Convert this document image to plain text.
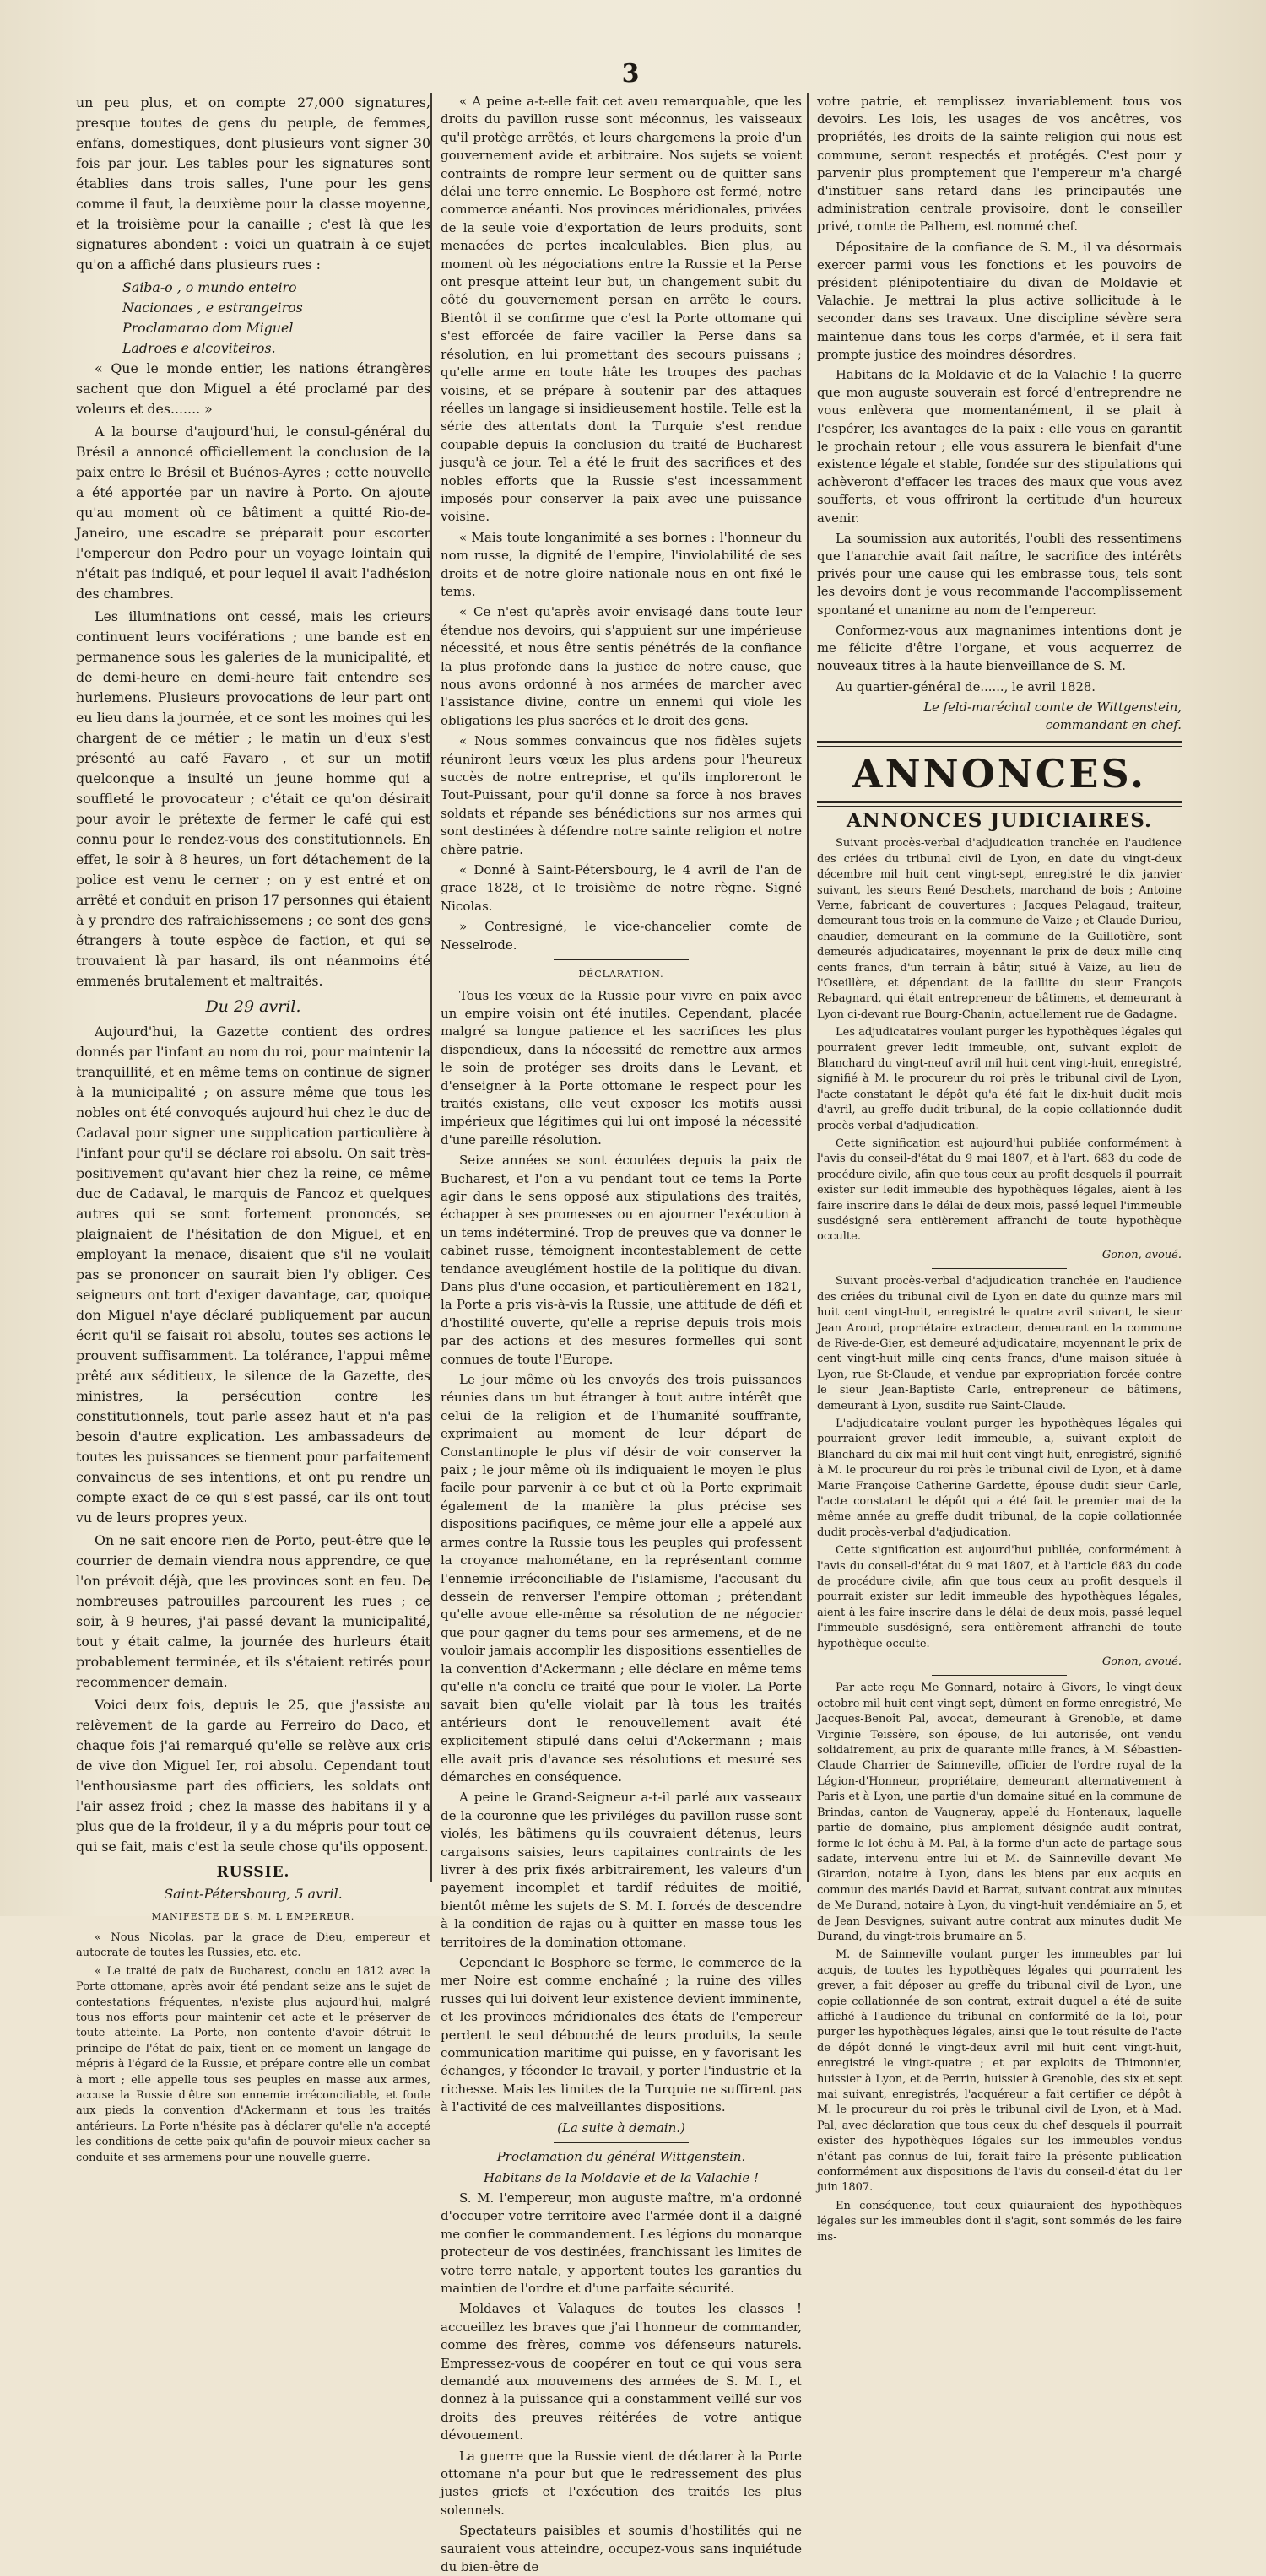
3

un peu plus, et on compte 27,000 signatures, presque toutes de gens du peuple, de femmes, enfans, domestiques, dont plusieurs vont signer 30 fois par jour. Les tables pour les signatures sont établies dans trois salles, l'une pour les gens comme il faut, la deuxième pour la classe moyenne, et la troisième pour la canaille ; c'est là que les signatures abondent : voici un quatrain à ce sujet qu'on a affiché dans plusieurs rues :

Saiba-o , o mundo enteiro

Nacionaes , e estrangeiros

Proclamarao dom Miguel

Ladroes e alcoviteiros.

« Que le monde entier, les nations étrangères sachent que don Miguel a été proclamé par des voleurs et des....... »

A la bourse d'aujourd'hui, le consul-général du Brésil a annoncé officiellement la conclusion de la paix entre le Brésil et Buénos-Ayres ; cette nouvelle a été apportée par un navire à Porto. On ajoute qu'au moment où ce bâtiment a quitté Rio-de-Janeiro, une escadre se préparait pour escorter l'empereur don Pedro pour un voyage lointain qui n'était pas indiqué, et pour lequel il avait l'adhésion des chambres.

Les illuminations ont cessé, mais les crieurs continuent leurs vociférations ; une bande est en permanence sous les galeries de la municipalité, et de demi-heure en demi-heure fait entendre ses hurlemens. Plusieurs provocations de leur part ont eu lieu dans la journée, et ce sont les moines qui les chargent de ce métier ; le matin un d'eux s'est présenté au café Favaro , et sur un motif quelconque a insulté un jeune homme qui a souffleté le provocateur ; c'était ce qu'on désirait pour avoir le prétexte de fermer le café qui est connu pour le rendez-vous des constitutionnels. En effet, le soir à 8 heures, un fort détachement de la police est venu le cerner ; on y est entré et on arrêté et conduit en prison 17 personnes qui étaient à y prendre des rafraichissemens ; ce sont des gens étrangers à toute espèce de faction, et qui se trouvaient là par hasard, ils ont néanmoins été emmenés brutalement et maltraités.

Du 29 avril.

Aujourd'hui, la Gazette contient des ordres donnés par l'infant au nom du roi, pour maintenir la tranquillité, et en même tems on continue de signer à la municipalité ; on assure même que tous les nobles ont été convoqués aujourd'hui chez le duc de Cadaval pour signer une supplication particulière à l'infant pour qu'il se déclare roi absolu. On sait très-positivement qu'avant hier chez la reine, ce même duc de Cadaval, le marquis de Fancoz et quelques autres qui se sont fortement prononcés, se plaignaient de l'hésitation de don Miguel, et en employant la menace, disaient que s'il ne voulait pas se prononcer on saurait bien l'y obliger. Ces seigneurs ont tort d'exiger davantage, car, quoique don Miguel n'aye déclaré publiquement par aucun écrit qu'il se faisait roi absolu, toutes ses actions le prouvent suffisamment. La tolérance, l'appui même prêté aux séditieux, le silence de la Gazette, des ministres, la persécution contre les constitutionnels, tout parle assez haut et n'a pas besoin d'autre explication. Les ambassadeurs de toutes les puissances se tiennent pour parfaitement convaincus de ses intentions, et ont pu rendre un compte exact de ce qui s'est passé, car ils ont tout vu de leurs propres yeux.

On ne sait encore rien de Porto, peut-être que le courrier de demain viendra nous apprendre, ce que l'on prévoit déjà, que les provinces sont en feu. De nombreuses patrouilles parcourent les rues ; ce soir, à 9 heures, j'ai passé devant la municipalité, tout y était calme, la journée des hurleurs était probablement terminée, et ils s'étaient retirés pour recommencer demain.

Voici deux fois, depuis le 25, que j'assiste au relèvement de la garde au Ferreiro do Daco, et chaque fois j'ai remarqué qu'elle se relève aux cris de vive don Miguel Ier, roi absolu. Cependant tout l'enthousiasme part des officiers, les soldats ont l'air assez froid ; chez la masse des habitans il y a plus que de la froideur, il y a du mépris pour tout ce qui se fait, mais c'est la seule chose qu'ils opposent.

RUSSIE.

Saint-Pétersbourg, 5 avril.

MANIFESTE DE S. M. L'EMPEREUR.

« Nous Nicolas, par la grace de Dieu, empereur et autocrate de toutes les Russies, etc. etc.

« Le traité de paix de Bucharest, conclu en 1812 avec la Porte ottomane, après avoir été pendant seize ans le sujet de contestations fréquentes, n'existe plus aujourd'hui, malgré tous nos efforts pour maintenir cet acte et le préserver de toute atteinte. La Porte, non contente d'avoir détruit le principe de l'état de paix, tient en ce moment un langage de mépris à l'égard de la Russie, et prépare contre elle un combat à mort ; elle appelle tous ses peuples en masse aux armes, accuse la Russie d'être son ennemie irréconciliable, et foule aux pieds la convention d'Ackermann et tous les traités antérieurs. La Porte n'hésite pas à déclarer qu'elle n'a accepté les conditions de cette paix qu'afin de pouvoir mieux cacher sa conduite et ses armemens pour une nouvelle guerre.

« A peine a-t-elle fait cet aveu remarquable, que les droits du pavillon russe sont méconnus, les vaisseaux qu'il protège arrêtés, et leurs chargemens la proie d'un gouvernement avide et arbitraire. Nos sujets se voient contraints de rompre leur serment ou de quitter sans délai une terre ennemie. Le Bosphore est fermé, notre commerce anéanti. Nos provinces méridionales, privées de la seule voie d'exportation de leurs produits, sont menacées de pertes incalculables. Bien plus, au moment où les négociations entre la Russie et la Perse ont presque atteint leur but, un changement subit du côté du gouvernement persan en arrête le cours. Bientôt il se confirme que c'est la Porte ottomane qui s'est efforcée de faire vaciller la Perse dans sa résolution, en lui promettant des secours puissans ; qu'elle arme en toute hâte les troupes des pachas voisins, et se prépare à soutenir par des attaques réelles un langage si insidieusement hostile. Telle est la série des attentats dont la Turquie s'est rendue coupable depuis la conclusion du traité de Bucharest jusqu'à ce jour. Tel a été le fruit des sacrifices et des nobles efforts que la Russie s'est incessamment imposés pour conserver la paix avec une puissance voisine.

« Mais toute longanimité a ses bornes : l'honneur du nom russe, la dignité de l'empire, l'inviolabilité de ses droits et de notre gloire nationale nous en ont fixé le tems.

« Ce n'est qu'après avoir envisagé dans toute leur étendue nos devoirs, qui s'appuient sur une impérieuse nécessité, et nous être sentis pénétrés de la confiance la plus profonde dans la justice de notre cause, que nous avons ordonné à nos armées de marcher avec l'assistance divine, contre un ennemi qui viole les obligations les plus sacrées et le droit des gens.

« Nous sommes convaincus que nos fidèles sujets réuniront leurs vœux les plus ardens pour l'heureux succès de notre entreprise, et qu'ils imploreront le Tout-Puissant, pour qu'il donne sa force à nos braves soldats et répande ses bénédictions sur nos armes qui sont destinées à défendre notre sainte religion et notre chère patrie.

« Donné à Saint-Pétersbourg, le 4 avril de l'an de grace 1828, et le troisième de notre règne. Signé Nicolas.

» Contresigné, le vice-chancelier comte de Nesselrode.

DÉCLARATION.

Tous les vœux de la Russie pour vivre en paix avec un empire voisin ont été inutiles. Cependant, placée malgré sa longue patience et les sacrifices les plus dispendieux, dans la nécessité de remettre aux armes le soin de protéger ses droits dans le Levant, et d'enseigner à la Porte ottomane le respect pour les traités existans, elle veut exposer les motifs aussi impérieux que légitimes qui lui ont imposé la nécessité d'une pareille résolution.

Seize années se sont écoulées depuis la paix de Bucharest, et l'on a vu pendant tout ce tems la Porte agir dans le sens opposé aux stipulations des traités, échapper à ses promesses ou en ajourner l'exécution à un tems indéterminé. Trop de preuves que va donner le cabinet russe, témoignent incontestablement de cette tendance aveuglément hostile de la politique du divan. Dans plus d'une occasion, et particulièrement en 1821, la Porte a pris vis-à-vis la Russie, une attitude de défi et d'hostilité ouverte, qu'elle a reprise depuis trois mois par des actions et des mesures formelles qui sont connues de toute l'Europe.

Le jour même où les envoyés des trois puissances réunies dans un but étranger à tout autre intérêt que celui de la religion et de l'humanité souffrante, exprimaient au moment de leur départ de Constantinople le plus vif désir de voir conserver la paix ; le jour même où ils indiquaient le moyen le plus facile pour parvenir à ce but et où la Porte exprimait également de la manière la plus précise ses dispositions pacifiques, ce même jour elle a appelé aux armes contre la Russie tous les peuples qui professent la croyance mahométane, en la représentant comme l'ennemie irréconciliable de l'islamisme, l'accusant du dessein de renverser l'empire ottoman ; prétendant qu'elle avoue elle-même sa résolution de ne négocier que pour gagner du tems pour ses armemens, et de ne vouloir jamais accomplir les dispositions essentielles de la convention d'Ackermann ; elle déclare en même tems qu'elle n'a conclu ce traité que pour le violer. La Porte savait bien qu'elle violait par là tous les traités antérieurs dont le renouvellement avait été explicitement stipulé dans celui d'Ackermann ; mais elle avait pris d'avance ses résolutions et mesuré ses démarches en conséquence.

A peine le Grand-Seigneur a-t-il parlé aux vasseaux de la couronne que les priviléges du pavillon russe sont violés, les bâtimens qu'ils couvraient détenus, leurs cargaisons saisies, leurs capitaines contraints de les livrer à des prix fixés arbitrairement, les valeurs d'un payement incomplet et tardif réduites de moitié, bientôt même les sujets de S. M. I. forcés de descendre à la condition de rajas ou à quitter en masse tous les territoires de la domination ottomane.

Cependant le Bosphore se ferme, le commerce de la mer Noire est comme enchaîné ; la ruine des villes russes qui lui doivent leur existence devient imminente, et les provinces méridionales des états de l'empereur perdent le seul débouché de leurs produits, la seule communication maritime qui puisse, en y favorisant les échanges, y féconder le travail, y porter l'industrie et la richesse. Mais les limites de la Turquie ne suffirent pas à l'activité de ces malveillantes dispositions.

(La suite à demain.)

Proclamation du général Wittgenstein.

Habitans de la Moldavie et de la Valachie !

S. M. l'empereur, mon auguste maître, m'a ordonné d'occuper votre territoire avec l'armée dont il a daigné me confier le commandement. Les légions du monarque protecteur de vos destinées, franchissant les limites de votre terre natale, y apportent toutes les garanties du maintien de l'ordre et d'une parfaite sécurité.

Moldaves et Valaques de toutes les classes ! accueillez les braves que j'ai l'honneur de commander, comme des frères, comme vos défenseurs naturels. Empressez-vous de coopérer en tout ce qui vous sera demandé aux mouvemens des armées de S. M. I., et donnez à la puissance qui a constamment veillé sur vos droits des preuves réitérées de votre antique dévouement.

La guerre que la Russie vient de déclarer à la Porte ottomane n'a pour but que le redressement des plus justes griefs et l'exécution des traités les plus solennels.

Spectateurs paisibles et soumis d'hostilités qui ne sauraient vous atteindre, occupez-vous sans inquiétude du bien-être de

votre patrie, et remplissez invariablement tous vos devoirs. Les lois, les usages de vos ancêtres, vos propriétés, les droits de la sainte religion qui nous est commune, seront respectés et protégés. C'est pour y parvenir plus promptement que l'empereur m'a chargé d'instituer sans retard dans les principautés une administration centrale provisoire, dont le conseiller privé, comte de Palhem, est nommé chef.

Dépositaire de la confiance de S. M., il va désormais exercer parmi vous les fonctions et les pouvoirs de président plénipotentiaire du divan de Moldavie et Valachie. Je mettrai la plus active sollicitude à le seconder dans ses travaux. Une discipline sévère sera maintenue dans tous les corps d'armée, et il sera fait prompte justice des moindres désordres.

Habitans de la Moldavie et de la Valachie ! la guerre que mon auguste souverain est forcé d'entreprendre ne vous enlèvera que momentanément, il se plait à l'espérer, les avantages de la paix : elle vous en garantit le prochain retour ; elle vous assurera le bienfait d'une existence légale et stable, fondée sur des stipulations qui achèveront d'effacer les traces des maux que vous avez soufferts, et vous offriront la certitude d'un heureux avenir.

La soumission aux autorités, l'oubli des ressentimens que l'anarchie avait fait naître, le sacrifice des intérêts privés pour une cause qui les embrasse tous, tels sont les devoirs dont je vous recommande l'accomplissement spontané et unanime au nom de l'empereur.

Conformez-vous aux magnanimes intentions dont je me félicite d'être l'organe, et vous acquerrez de nouveaux titres à la haute bienveillance de S. M.

Au quartier-général de......, le avril 1828.

Le feld-maréchal comte de Wittgenstein,

commandant en chef.

ANNONCES.

ANNONCES JUDICIAIRES.

Suivant procès-verbal d'adjudication tranchée en l'audience des criées du tribunal civil de Lyon, en date du vingt-deux décembre mil huit cent vingt-sept, enregistré le dix janvier suivant, les sieurs René Deschets, marchand de bois ; Antoine Verne, fabricant de couvertures ; Jacques Pelagaud, traiteur, demeurant tous trois en la commune de Vaize ; et Claude Durieu, chaudier, demeurant en la commune de la Guillotière, sont demeurés adjudicataires, moyennant le prix de deux mille cinq cents francs, d'un terrain à bâtir, situé à Vaize, au lieu de l'Oseillère, et dépendant de la faillite du sieur François Rebagnard, qui était entrepreneur de bâtimens, et demeurant à Lyon ci-devant rue Bourg-Chanin, actuellement rue de Gadagne.

Les adjudicataires voulant purger les hypothèques légales qui pourraient grever ledit immeuble, ont, suivant exploit de Blanchard du vingt-neuf avril mil huit cent vingt-huit, enregistré, signifié à M. le procureur du roi près le tribunal civil de Lyon, l'acte constatant le dépôt qu'a été fait le dix-huit dudit mois d'avril, au greffe dudit tribunal, de la copie collationnée dudit procès-verbal d'adjudication.

Cette signification est aujourd'hui publiée conformément à l'avis du conseil-d'état du 9 mai 1807, et à l'art. 683 du code de procédure civile, afin que tous ceux au profit desquels il pourrait exister sur ledit immeuble des hypothèques légales, aient à les faire inscrire dans le délai de deux mois, passé lequel l'immeuble susdésigné sera entièrement affranchi de toute hypothèque occulte.

Gonon, avoué.

Suivant procès-verbal d'adjudication tranchée en l'audience des criées du tribunal civil de Lyon en date du quinze mars mil huit cent vingt-huit, enregistré le quatre avril suivant, le sieur Jean Aroud, propriétaire extracteur, demeurant en la commune de Rive-de-Gier, est demeuré adjudicataire, moyennant le prix de cent vingt-huit mille cinq cents francs, d'une maison située à Lyon, rue St-Claude, et vendue par expropriation forcée contre le sieur Jean-Baptiste Carle, entrepreneur de bâtimens, demeurant à Lyon, susdite rue Saint-Claude.

L'adjudicataire voulant purger les hypothèques légales qui pourraient grever ledit immeuble, a, suivant exploit de Blanchard du dix mai mil huit cent vingt-huit, enregistré, signifié à M. le procureur du roi près le tribunal civil de Lyon, et à dame Marie Françoise Catherine Gardette, épouse dudit sieur Carle, l'acte constatant le dépôt qui a été fait le premier mai de la même année au greffe dudit tribunal, de la copie collationnée dudit procès-verbal d'adjudication.

Cette signification est aujourd'hui publiée, conformément à l'avis du conseil-d'état du 9 mai 1807, et à l'article 683 du code de procédure civile, afin que tous ceux au profit desquels il pourrait exister sur ledit immeuble des hypothèques légales, aient à les faire inscrire dans le délai de deux mois, passé lequel l'immeuble susdésigné, sera entièrement affranchi de toute hypothèque occulte.

Gonon, avoué.

Par acte reçu Me Gonnard, notaire à Givors, le vingt-deux octobre mil huit cent vingt-sept, dûment en forme enregistré, Me Jacques-Benoît Pal, avocat, demeurant à Grenoble, et dame Virginie Teissère, son épouse, de lui autorisée, ont vendu solidairement, au prix de quarante mille francs, à M. Sébastien-Claude Charrier de Sainneville, officier de l'ordre royal de la Légion-d'Honneur, propriétaire, demeurant alternativement à Paris et à Lyon, une partie d'un domaine situé en la commune de Brindas, canton de Vaugneray, appelé du Hontenaux, laquelle partie de domaine, plus amplement désignée audit contrat, forme le lot échu à M. Pal, à la forme d'un acte de partage sous sadate, intervenu entre lui et M. de Sainneville devant Me Girardon, notaire à Lyon, dans les biens par eux acquis en commun des mariés David et Barrat, suivant contrat aux minutes de Me Durand, notaire à Lyon, du vingt-huit vendémiaire an 5, et de Jean Desvignes, suivant autre contrat aux minutes dudit Me Durand, du vingt-trois brumaire an 5.

M. de Sainneville voulant purger les immeubles par lui acquis, de toutes les hypothèques légales qui pourraient les grever, a fait déposer au greffe du tribunal civil de Lyon, une copie collationnée de son contrat, extrait duquel a été de suite affiché à l'audience du tribunal en conformité de la loi, pour purger les hypothèques légales, ainsi que le tout résulte de l'acte de dépôt donné le vingt-deux avril mil huit cent vingt-huit, enregistré le vingt-quatre ; et par exploits de Thimonnier, huissier à Lyon, et de Perrin, huissier à Grenoble, des six et sept mai suivant, enregistrés, l'acquéreur a fait certifier ce dépôt à M. le procureur du roi près le tribunal civil de Lyon, et à Mad. Pal, avec déclaration que tous ceux du chef desquels il pourrait exister des hypothèques légales sur les immeubles vendus n'étant pas connus de lui, ferait faire la présente publication conformément aux dispositions de l'avis du conseil-d'état du 1er juin 1807.

En conséquence, tout ceux quiauraient des hypothèques légales sur les immeubles dont il s'agit, sont sommés de les faire ins-
